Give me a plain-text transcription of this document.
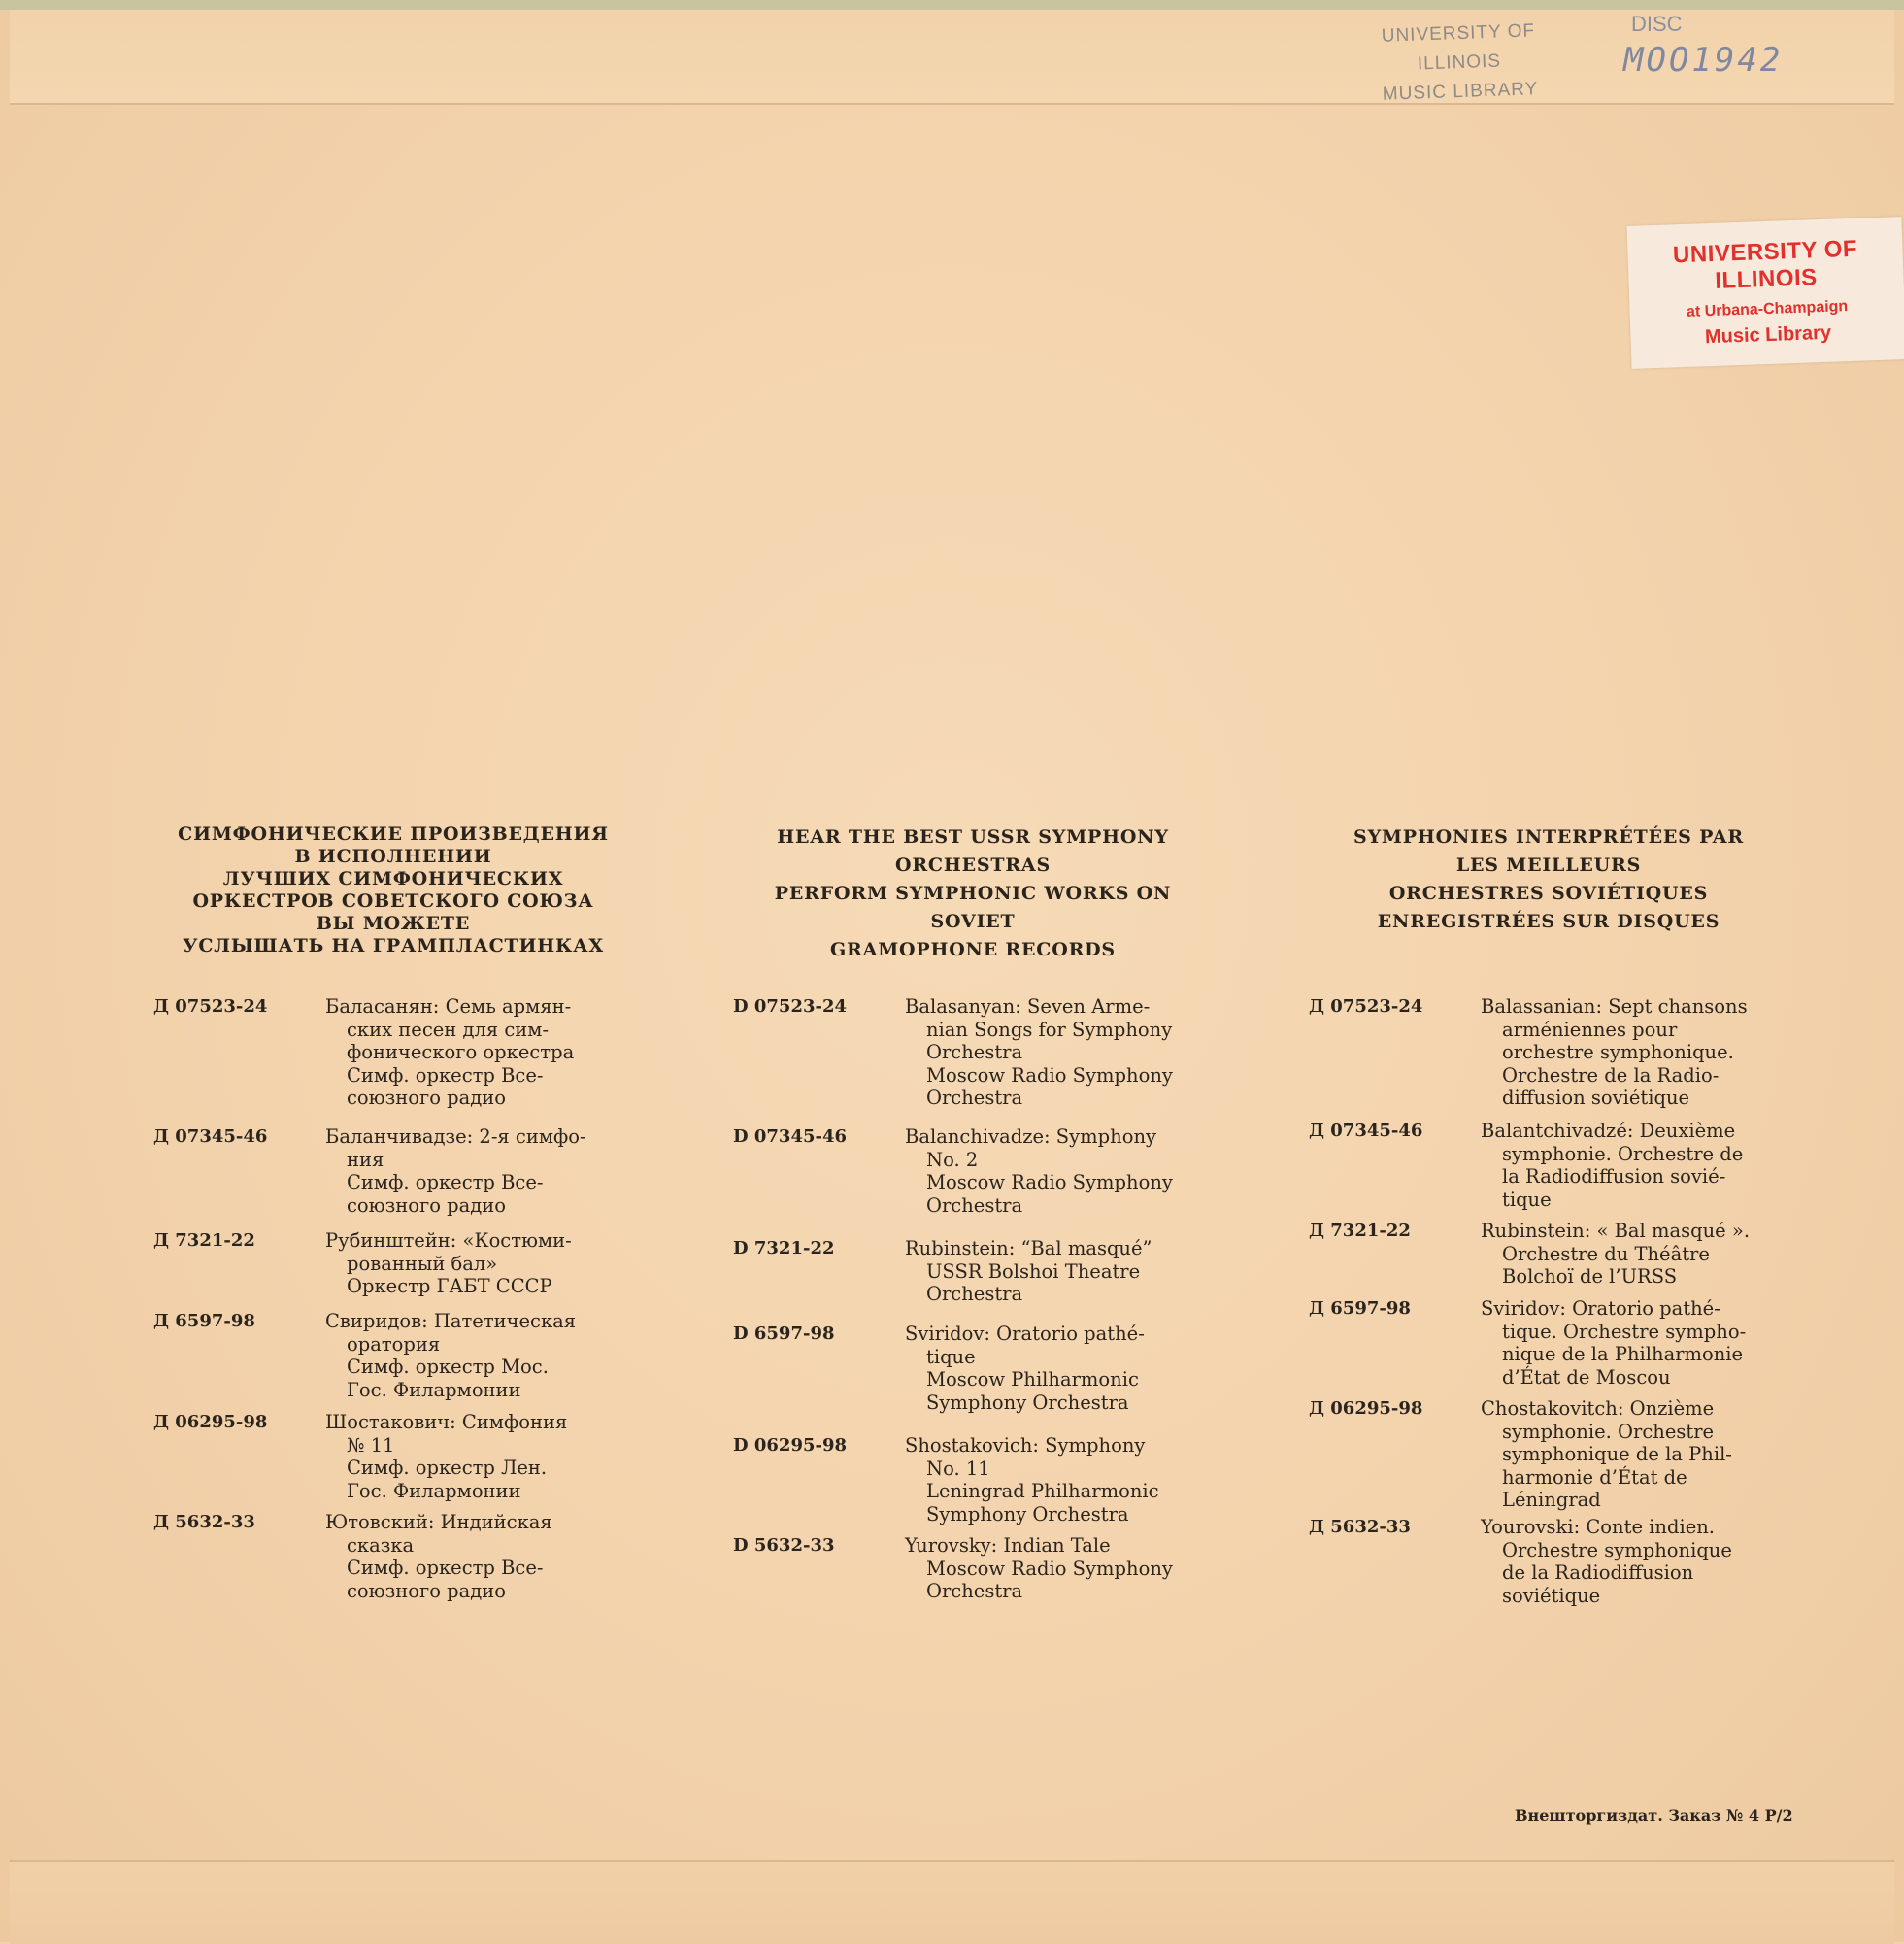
UNIVERSITY OF ILLINOIS
MUSIC LIBRARY
DISC
MOO1942
UNIVERSITY OF ILLINOIS
at Urbana-Champaign
Music Library
СИМФОНИЧЕСКИЕ ПРОИЗВЕДЕНИЯ
В ИСПОЛНЕНИИ
ЛУЧШИХ СИМФОНИЧЕСКИХ
ОРКЕСТРОВ СОВЕТСКОГО СОЮЗА
ВЫ МОЖЕТЕ
УСЛЫШАТЬ НА ГРАМПЛАСТИНКАХ
Д 07523-24	Баласанян: Семь армян-
ских песен для сим-
фонического оркестра
Симф. оркестр Все-
союзного радио
Д 07345-46	Баланчивадзе: 2-я симфо-
ния
Симф. оркестр Все-
союзного радио
Д 7321-22	Рубинштейн: «Костюми-
рованный бал»
Оркестр ГАБТ СССР
Д 6597-98	Свиридов: Патетическая
оратория
Симф. оркестр Мос.
Гос. Филармонии
Д 06295-98	Шостакович: Симфония
№ 11
Симф. оркестр Лен.
Гос. Филармонии
Д 5632-33	Ютовский: Индийская
сказка
Симф. оркестр Все-
союзного радио
HEAR THE BEST USSR SYMPHONY
ORCHESTRAS
PERFORM SYMPHONIC WORKS ON
SOVIET
GRAMOPHONE RECORDS
D 07523-24	Balasanyan: Seven Arme-
nian Songs for Symphony
Orchestra
Moscow Radio Symphony
Orchestra
D 07345-46	Balanchivadze: Symphony
No. 2
Moscow Radio Symphony
Orchestra
D 7321-22	Rubinstein: “Bal masqué”
USSR Bolshoi Theatre
Orchestra
D 6597-98	Sviridov: Oratorio pathé-
tique
Moscow Philharmonic
Symphony Orchestra
D 06295-98	Shostakovich: Symphony
No. 11
Leningrad Philharmonic
Symphony Orchestra
D 5632-33	Yurovsky: Indian Tale
Moscow Radio Symphony
Orchestra
SYMPHONIES INTERPRÉTÉES PAR
LES MEILLEURS
ORCHESTRES SOVIÉTIQUES
ENREGISTRÉES SUR DISQUES
Д 07523-24	Balassanian: Sept chansons
arméniennes pour
orchestre symphonique.
Orchestre de la Radio-
diffusion soviétique
Д 07345-46	Balantchivadzé: Deuxième
symphonie. Orchestre de
la Radiodiffusion sovié-
tique
Д 7321-22	Rubinstein: « Bal masqué ».
Orchestre du Théâtre
Bolchoï de l’URSS
Д 6597-98	Sviridov: Oratorio pathé-
tique. Orchestre sympho-
nique de la Philharmonie
d’État de Moscou
Д 06295-98	Chostakovitch: Onzième
symphonie. Orchestre
symphonique de la Phil-
harmonie d’État de
Léningrad
Д 5632-33	Yourovski: Conte indien.
Orchestre symphonique
de la Radiodiffusion
soviétique
Внешторгиздат. Заказ № 4 Р/2
